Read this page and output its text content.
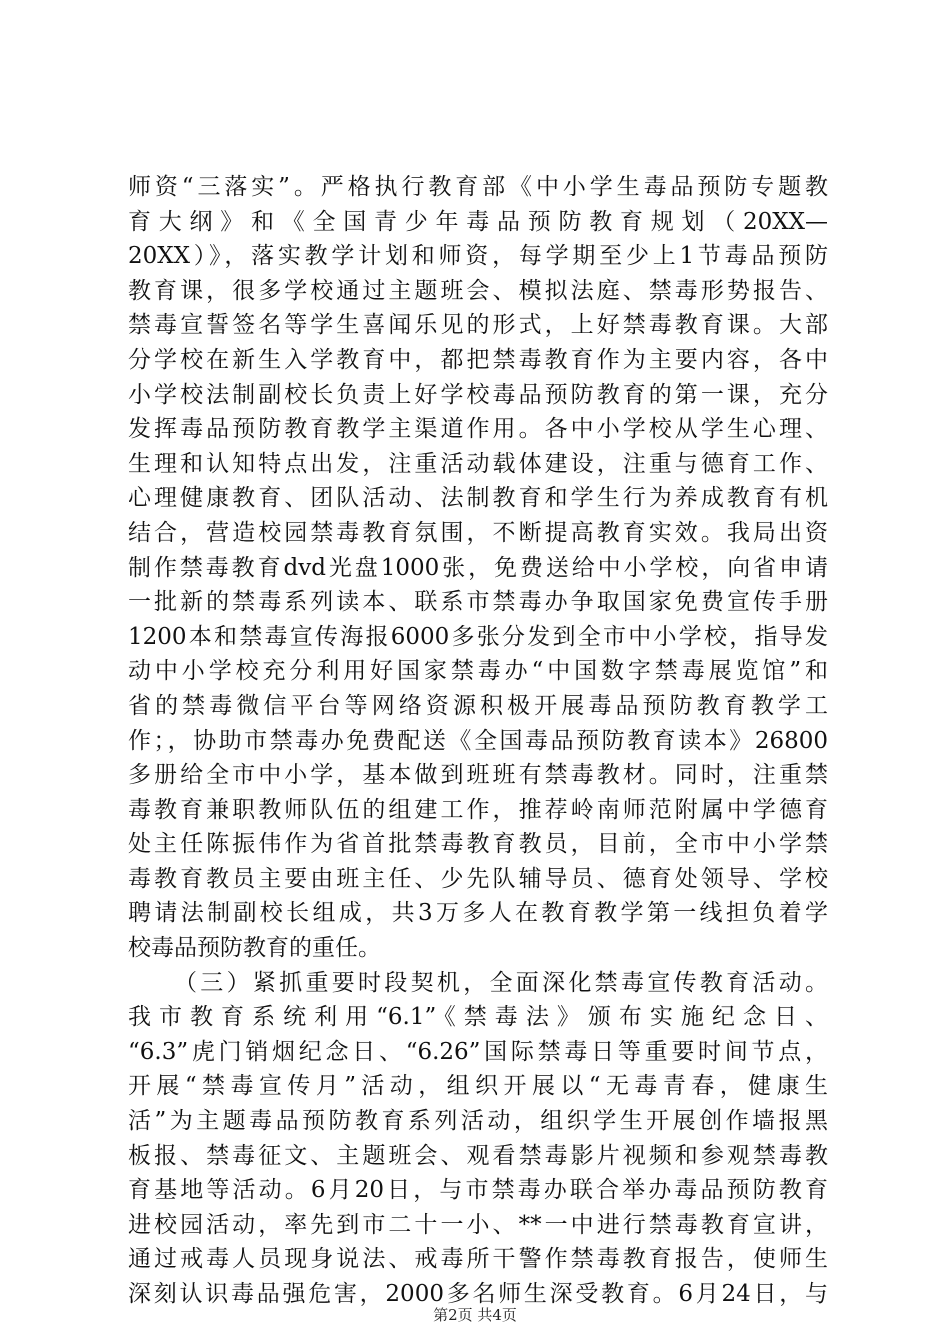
师资“三落实”。严格执行教育部《中小学生毒品预防专题教
育大纲》和《全国青少年毒品预防教育规划（20XX—
20XX）》，落实教学计划和师资，每学期至少上1节毒品预防
教育课，很多学校通过主题班会、模拟法庭、禁毒形势报告、
禁毒宣誓签名等学生喜闻乐见的形式，上好禁毒教育课。大部
分学校在新生入学教育中，都把禁毒教育作为主要内容，各中
小学校法制副校长负责上好学校毒品预防教育的第一课，充分
发挥毒品预防教育教学主渠道作用。各中小学校从学生心理、
生理和认知特点出发，注重活动载体建设，注重与德育工作、
心理健康教育、团队活动、法制教育和学生行为养成教育有机
结合，营造校园禁毒教育氛围，不断提高教育实效。我局出资
制作禁毒教育dvd光盘1000张，免费送给中小学校，向省申请
一批新的禁毒系列读本、联系市禁毒办争取国家免费宣传手册
1200本和禁毒宣传海报6000多张分发到全市中小学校，指导发
动中小学校充分利用好国家禁毒办“中国数字禁毒展览馆”和
省的禁毒微信平台等网络资源积极开展毒品预防教育教学工
作；，协助市禁毒办免费配送《全国毒品预防教育读本》26800
多册给全市中小学，基本做到班班有禁毒教材。同时，注重禁
毒教育兼职教师队伍的组建工作，推荐岭南师范附属中学德育
处主任陈振伟作为省首批禁毒教育教员，目前，全市中小学禁
毒教育教员主要由班主任、少先队辅导员、德育处领导、学校
聘请法制副校长组成，共3万多人在教育教学第一线担负着学
校毒品预防教育的重任。
（三）紧抓重要时段契机，全面深化禁毒宣传教育活动。
我市教育系统利用“6.1”《禁毒法》颁布实施纪念日、
“6.3”虎门销烟纪念日、“6.26”国际禁毒日等重要时间节点，
开展“禁毒宣传月”活动，组织开展以“无毒青春，健康生
活”为主题毒品预防教育系列活动，组织学生开展创作墙报黑
板报、禁毒征文、主题班会、观看禁毒影片视频和参观禁毒教
育基地等活动。6月20日，与市禁毒办联合举办毒品预防教育
进校园活动，率先到市二十一小、**一中进行禁毒教育宣讲，
通过戒毒人员现身说法、戒毒所干警作禁毒教育报告，使师生
深刻认识毒品强危害，2000多名师生深受教育。6月24日，与
第2页 共4页
